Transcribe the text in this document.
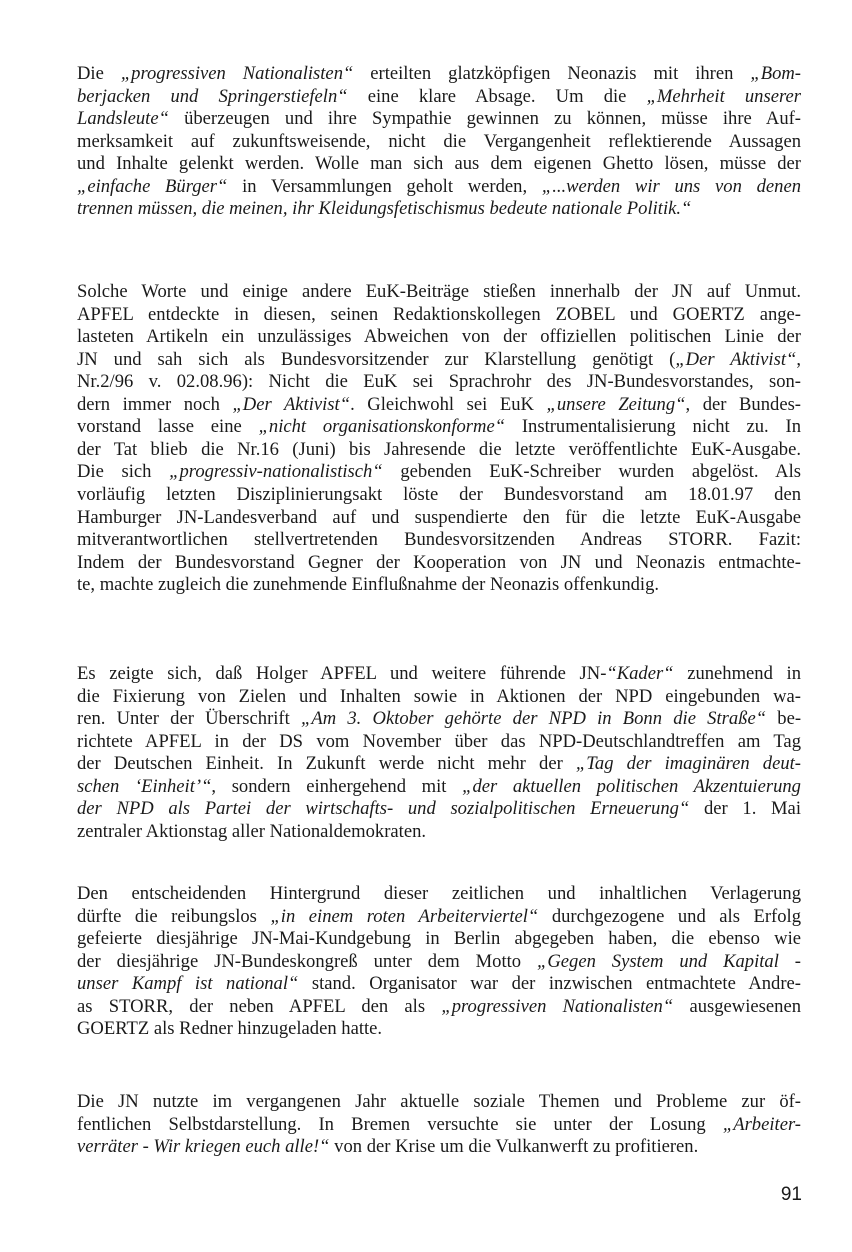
Die „progressiven Nationalisten“ erteilten glatzköpfigen Neonazis mit ihren „Bom-
berjacken und Springerstiefeln“ eine klare Absage. Um die „Mehrheit unserer
Landsleute“ überzeugen und ihre Sympathie gewinnen zu können, müsse ihre Auf-
merksamkeit auf zukunftsweisende, nicht die Vergangenheit reflektierende Aussagen
und Inhalte gelenkt werden. Wolle man sich aus dem eigenen Ghetto lösen, müsse der
„einfache Bürger“ in Versammlungen geholt werden, „...werden wir uns von denen
trennen müssen, die meinen, ihr Kleidungsfetischismus bedeute nationale Politik.“
Solche Worte und einige andere EuK-Beiträge stießen innerhalb der JN auf Unmut.
APFEL entdeckte in diesen, seinen Redaktionskollegen ZOBEL und GOERTZ ange-
lasteten Artikeln ein unzulässiges Abweichen von der offiziellen politischen Linie der
JN und sah sich als Bundesvorsitzender zur Klarstellung genötigt („Der Aktivist“,
Nr.2/96 v. 02.08.96): Nicht die EuK sei Sprachrohr des JN-Bundesvorstandes, son-
dern immer noch „Der Aktivist“. Gleichwohl sei EuK „unsere Zeitung“, der Bundes-
vorstand lasse eine „nicht organisationskonforme“ Instrumentalisierung nicht zu. In
der Tat blieb die Nr.16 (Juni) bis Jahresende die letzte veröffentlichte EuK-Ausgabe.
Die sich „progressiv-nationalistisch“ gebenden EuK-Schreiber wurden abgelöst. Als
vorläufig letzten Disziplinierungsakt löste der Bundesvorstand am 18.01.97 den
Hamburger JN-Landesverband auf und suspendierte den für die letzte EuK-Ausgabe
mitverantwortlichen stellvertretenden Bundesvorsitzenden Andreas STORR. Fazit:
Indem der Bundesvorstand Gegner der Kooperation von JN und Neonazis entmachte-
te, machte zugleich die zunehmende Einflußnahme der Neonazis offenkundig.
Es zeigte sich, daß Holger APFEL und weitere führende JN-“Kader“ zunehmend in
die Fixierung von Zielen und Inhalten sowie in Aktionen der NPD eingebunden wa-
ren. Unter der Überschrift „Am 3. Oktober gehörte der NPD in Bonn die Straße“ be-
richtete APFEL in der DS vom November über das NPD-Deutschlandtreffen am Tag
der Deutschen Einheit. In Zukunft werde nicht mehr der „Tag der imaginären deut-
schen ‘Einheit’“, sondern einhergehend mit „der aktuellen politischen Akzentuierung
der NPD als Partei der wirtschafts- und sozialpolitischen Erneuerung“ der 1. Mai
zentraler Aktionstag aller Nationaldemokraten.
Den entscheidenden Hintergrund dieser zeitlichen und inhaltlichen Verlagerung
dürfte die reibungslos „in einem roten Arbeiterviertel“ durchgezogene und als Erfolg
gefeierte diesjährige JN-Mai-Kundgebung in Berlin abgegeben haben, die ebenso wie
der diesjährige JN-Bundeskongreß unter dem Motto „Gegen System und Kapital -
unser Kampf ist national“ stand. Organisator war der inzwischen entmachtete Andre-
as STORR, der neben APFEL den als „progressiven Nationalisten“ ausgewiesenen
GOERTZ als Redner hinzugeladen hatte.
Die JN nutzte im vergangenen Jahr aktuelle soziale Themen und Probleme zur öf-
fentlichen Selbstdarstellung. In Bremen versuchte sie unter der Losung „Arbeiter-
verräter - Wir kriegen euch alle!“ von der Krise um die Vulkanwerft zu profitieren.
91
